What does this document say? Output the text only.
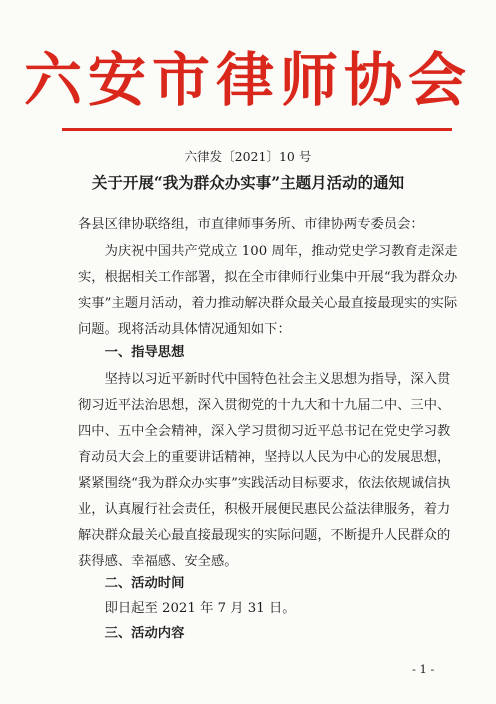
六安市律师协会
六律发〔2021〕10 号
关于开展“我为群众办实事”主题月活动的通知
各县区律协联络组，市直律师事务所、市律协两专委员会：
为庆祝中国共产党成立 100 周年，推动党史学习教育走深走实，根据相关工作部署，拟在全市律师行业集中开展“我为群众办实事”主题月活动，着力推动解决群众最关心最直接最现实的实际问题。现将活动具体情况通知如下：
一、指导思想
坚持以习近平新时代中国特色社会主义思想为指导，深入贯彻习近平法治思想，深入贯彻党的十九大和十九届二中、三中、四中、五中全会精神，深入学习贯彻习近平总书记在党史学习教育动员大会上的重要讲话精神，坚持以人民为中心的发展思想，紧紧围绕“我为群众办实事”实践活动目标要求，依法依规诚信执业，认真履行社会责任，积极开展便民惠民公益法律服务，着力解决群众最关心最直接最现实的实际问题，不断提升人民群众的获得感、幸福感、安全感。
二、活动时间
即日起至 2021 年 7 月 31 日。
三、活动内容
- 1 -
